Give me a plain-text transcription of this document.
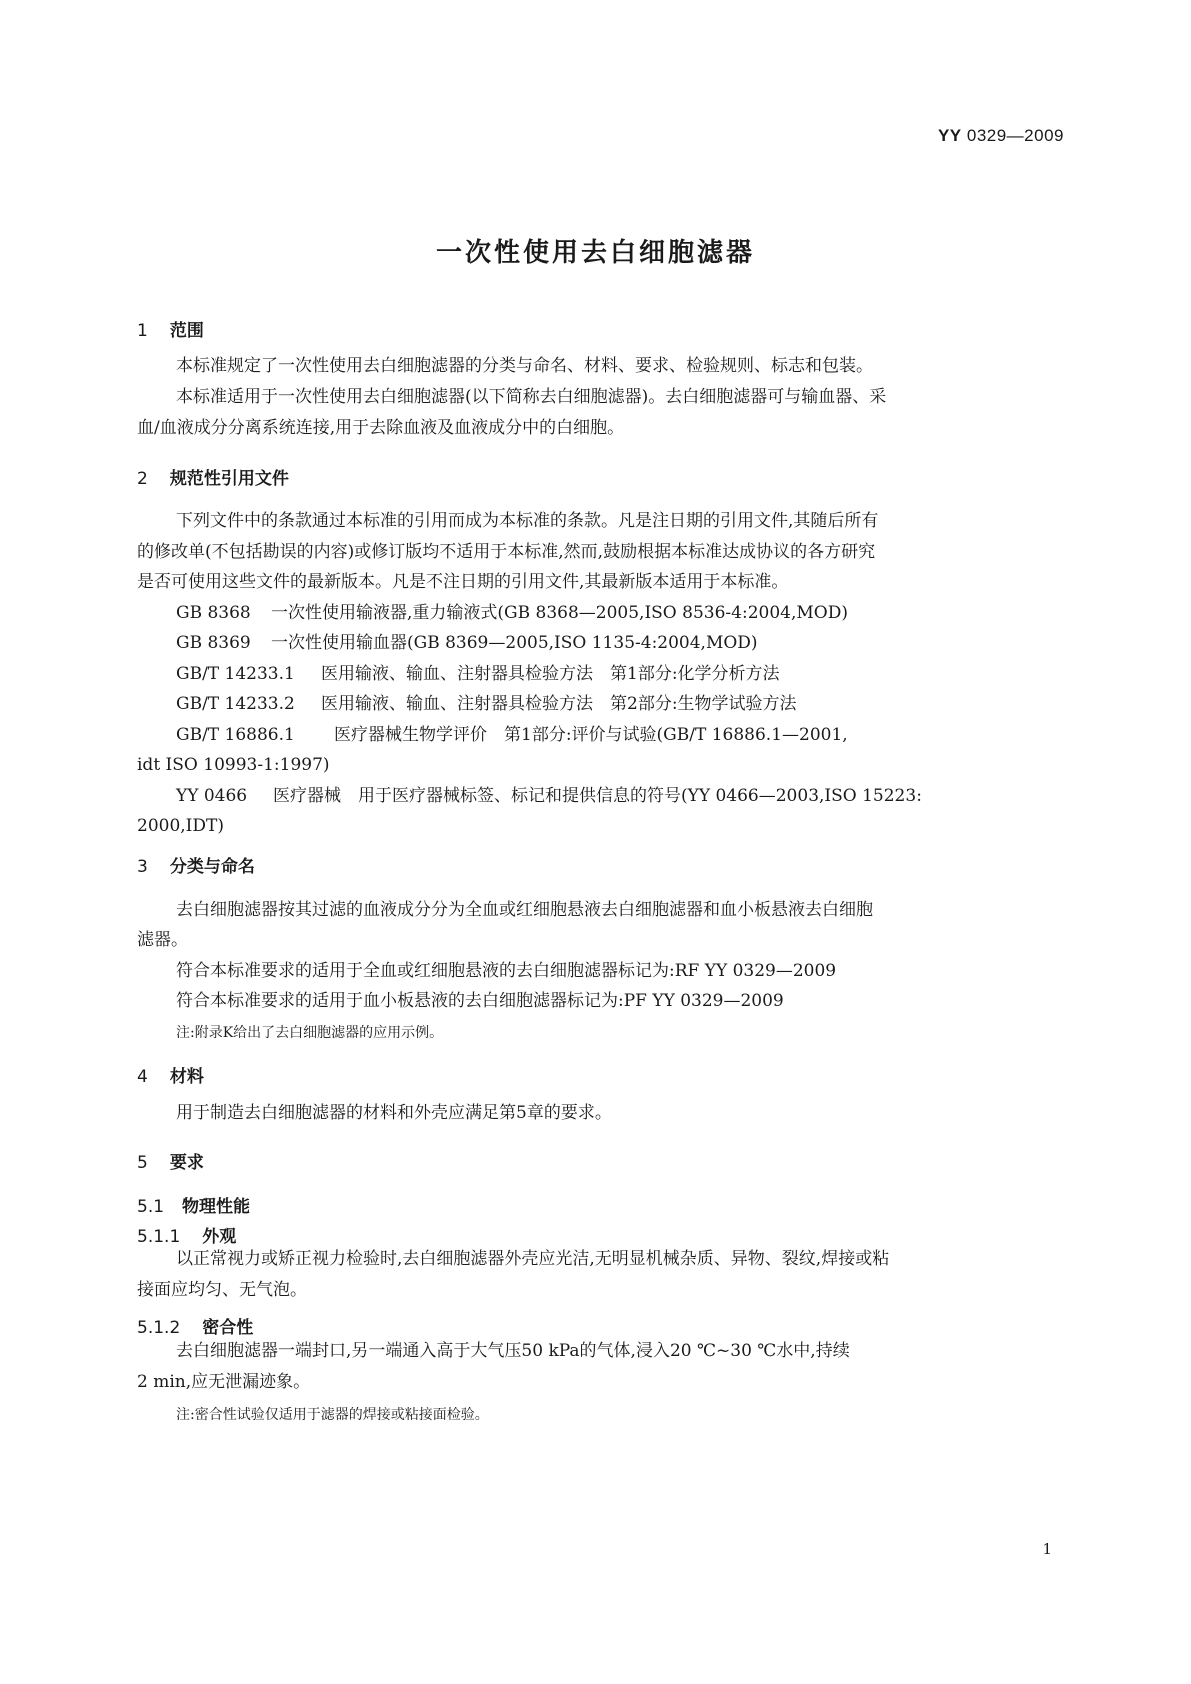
YY 0329—2009
一次性使用去白细胞滤器
1 范围
本标准规定了一次性使用去白细胞滤器的分类与命名、材料、要求、检验规则、标志和包装。
本标准适用于一次性使用去白细胞滤器(以下简称去白细胞滤器)。去白细胞滤器可与输血器、采
血/血液成分分离系统连接,用于去除血液及血液成分中的白细胞。
2 规范性引用文件
下列文件中的条款通过本标准的引用而成为本标准的条款。凡是注日期的引用文件,其随后所有
的修改单(不包括勘误的内容)或修订版均不适用于本标准,然而,鼓励根据本标准达成协议的各方研究
是否可使用这些文件的最新版本。凡是不注日期的引用文件,其最新版本适用于本标准。
GB 8368 一次性使用输液器,重力输液式(GB 8368—2005,ISO 8536-4:2004,MOD)
GB 8369 一次性使用输血器(GB 8369—2005,ISO 1135-4:2004,MOD)
GB/T 14233.1 医用输液、输血、注射器具检验方法　第1部分:化学分析方法
GB/T 14233.2 医用输液、输血、注射器具检验方法　第2部分:生物学试验方法
GB/T 16886.1 医疗器械生物学评价　第1部分:评价与试验(GB/T 16886.1—2001,
idt ISO 10993-1:1997)
YY 0466 医疗器械　用于医疗器械标签、标记和提供信息的符号(YY 0466—2003,ISO 15223:
2000,IDT)
3 分类与命名
去白细胞滤器按其过滤的血液成分分为全血或红细胞悬液去白细胞滤器和血小板悬液去白细胞
滤器。
符合本标准要求的适用于全血或红细胞悬液的去白细胞滤器标记为:RF YY 0329—2009
符合本标准要求的适用于血小板悬液的去白细胞滤器标记为:PF YY 0329—2009
注:附录K给出了去白细胞滤器的应用示例。
4 材料
用于制造去白细胞滤器的材料和外壳应满足第5章的要求。
5 要求
5.1 物理性能
5.1.1 外观
以正常视力或矫正视力检验时,去白细胞滤器外壳应光洁,无明显机械杂质、异物、裂纹,焊接或粘
接面应均匀、无气泡。
5.1.2 密合性
去白细胞滤器一端封口,另一端通入高于大气压50 kPa的气体,浸入20 ℃~30 ℃水中,持续
2 min,应无泄漏迹象。
注:密合性试验仅适用于滤器的焊接或粘接面检验。
1
